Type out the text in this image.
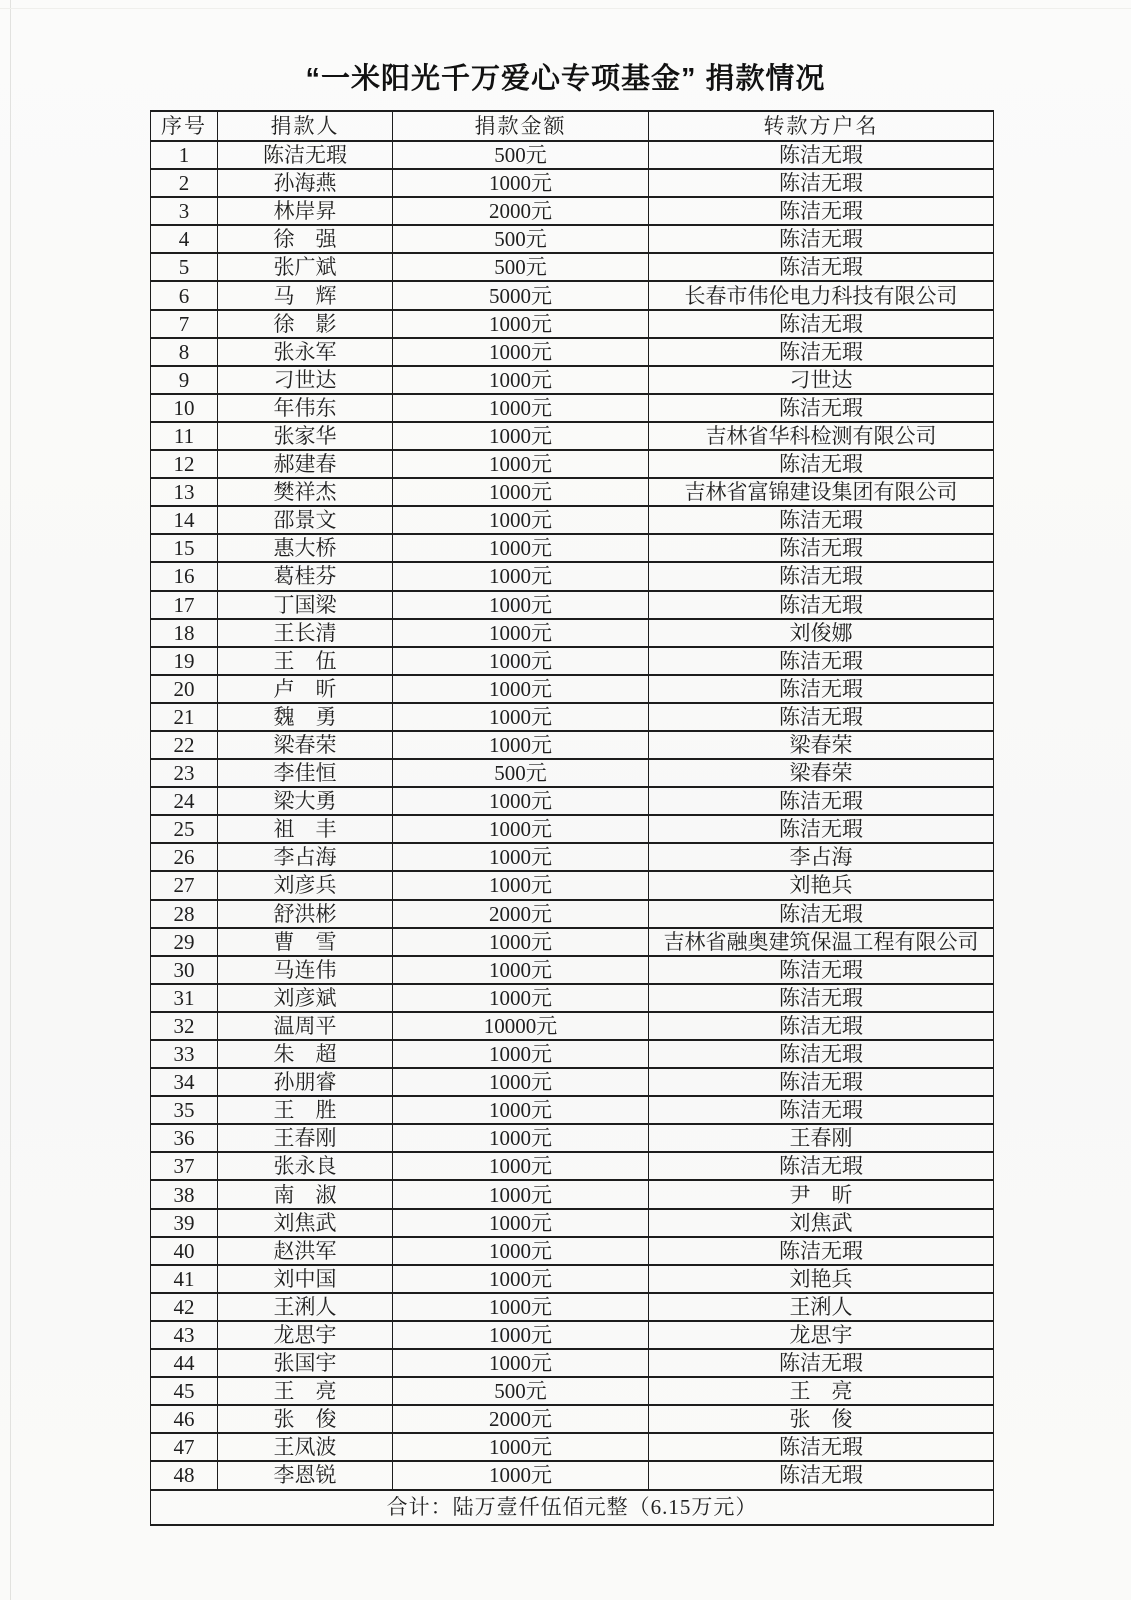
“一米阳光千万爱心专项基金” 捐款情况
序号	捐款人	捐款金额	转款方户名
1	陈洁无瑕	500元	陈洁无瑕
2	孙海燕	1000元	陈洁无瑕
3	林岸昇	2000元	陈洁无瑕
4	徐　强	500元	陈洁无瑕
5	张广斌	500元	陈洁无瑕
6	马　辉	5000元	长春市伟伦电力科技有限公司
7	徐　影	1000元	陈洁无瑕
8	张永军	1000元	陈洁无瑕
9	刁世达	1000元	刁世达
10	年伟东	1000元	陈洁无瑕
11	张家华	1000元	吉林省华科检测有限公司
12	郝建春	1000元	陈洁无瑕
13	樊祥杰	1000元	吉林省富锦建设集团有限公司
14	邵景文	1000元	陈洁无瑕
15	惠大桥	1000元	陈洁无瑕
16	葛桂芬	1000元	陈洁无瑕
17	丁国梁	1000元	陈洁无瑕
18	王长清	1000元	刘俊娜
19	王　伍	1000元	陈洁无瑕
20	卢　昕	1000元	陈洁无瑕
21	魏　勇	1000元	陈洁无瑕
22	梁春荣	1000元	梁春荣
23	李佳恒	500元	梁春荣
24	梁大勇	1000元	陈洁无瑕
25	祖　丰	1000元	陈洁无瑕
26	李占海	1000元	李占海
27	刘彦兵	1000元	刘艳兵
28	舒洪彬	2000元	陈洁无瑕
29	曹　雪	1000元	吉林省融奥建筑保温工程有限公司
30	马连伟	1000元	陈洁无瑕
31	刘彦斌	1000元	陈洁无瑕
32	温周平	10000元	陈洁无瑕
33	朱　超	1000元	陈洁无瑕
34	孙朋睿	1000元	陈洁无瑕
35	王　胜	1000元	陈洁无瑕
36	王春刚	1000元	王春刚
37	张永良	1000元	陈洁无瑕
38	南　淑	1000元	尹　昕
39	刘焦武	1000元	刘焦武
40	赵洪军	1000元	陈洁无瑕
41	刘中国	1000元	刘艳兵
42	王浰人	1000元	王浰人
43	龙思宇	1000元	龙思宇
44	张国宇	1000元	陈洁无瑕
45	王　亮	500元	王　亮
46	张　俊	2000元	张　俊
47	王凤波	1000元	陈洁无瑕
48	李恩锐	1000元	陈洁无瑕
合计：陆万壹仟伍佰元整（6.15万元）			
